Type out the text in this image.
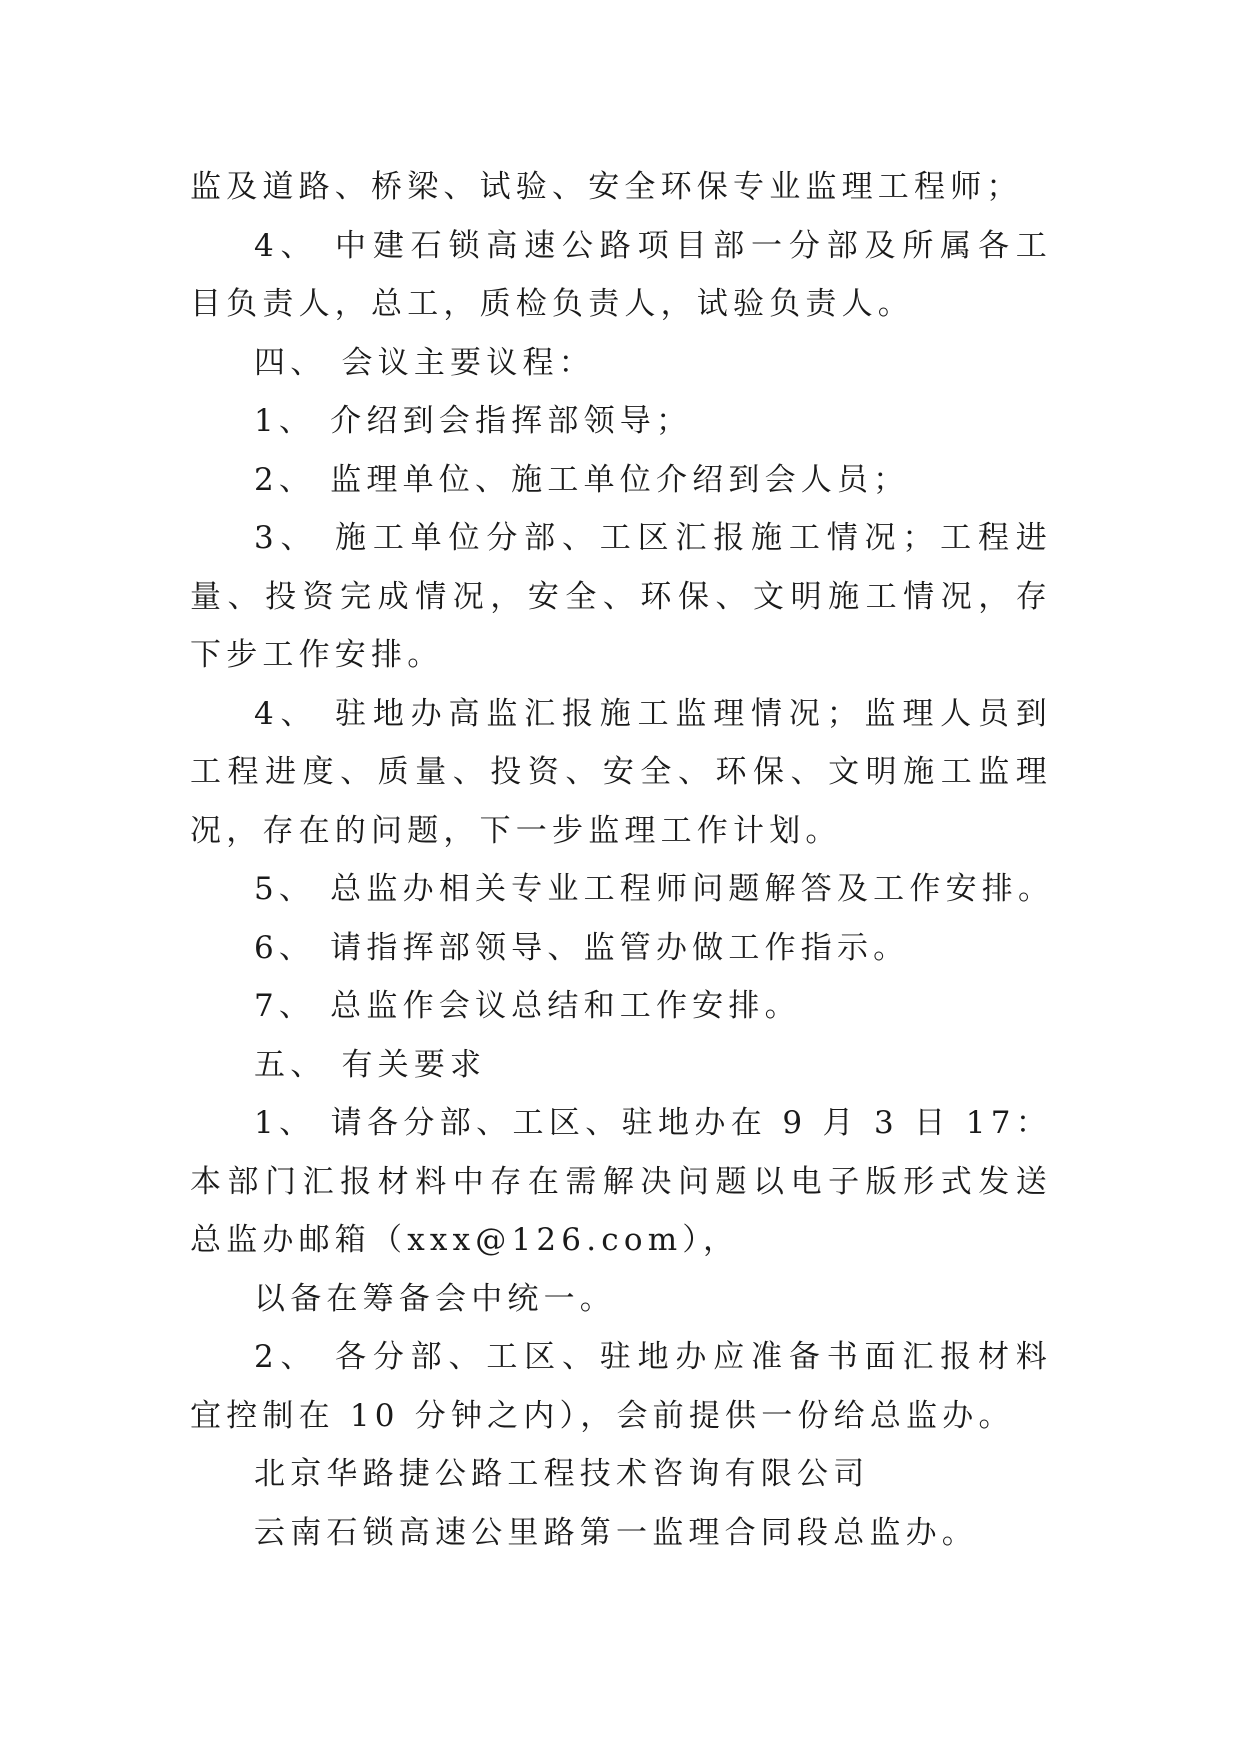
监及道路、桥梁、试验、安全环保专业监理工程师；
4、 中建石锁高速公路项目部一分部及所属各工
目负责人，总工，质检负责人，试验负责人。
四、 会议主要议程：
1、 介绍到会指挥部领导；
2、 监理单位、施工单位介绍到会人员；
3、 施工单位分部、工区汇报施工情况；工程进
量、投资完成情况，安全、环保、文明施工情况，存
下步工作安排。
4、 驻地办高监汇报施工监理情况；监理人员到
工程进度、质量、投资、安全、环保、文明施工监理
况，存在的问题，下一步监理工作计划。
5、 总监办相关专业工程师问题解答及工作安排。
6、 请指挥部领导、监管办做工作指示。
7、 总监作会议总结和工作安排。
五、 有关要求
1、 请各分部、工区、驻地办在 9 月 3 日 17：
本部门汇报材料中存在需解决问题以电子版形式发送
总监办邮箱（xxx@126.com），
以备在筹备会中统一。
2、 各分部、工区、驻地办应准备书面汇报材料
宜控制在 10 分钟之内），会前提供一份给总监办。
北京华路捷公路工程技术咨询有限公司
云南石锁高速公里路第一监理合同段总监办。
